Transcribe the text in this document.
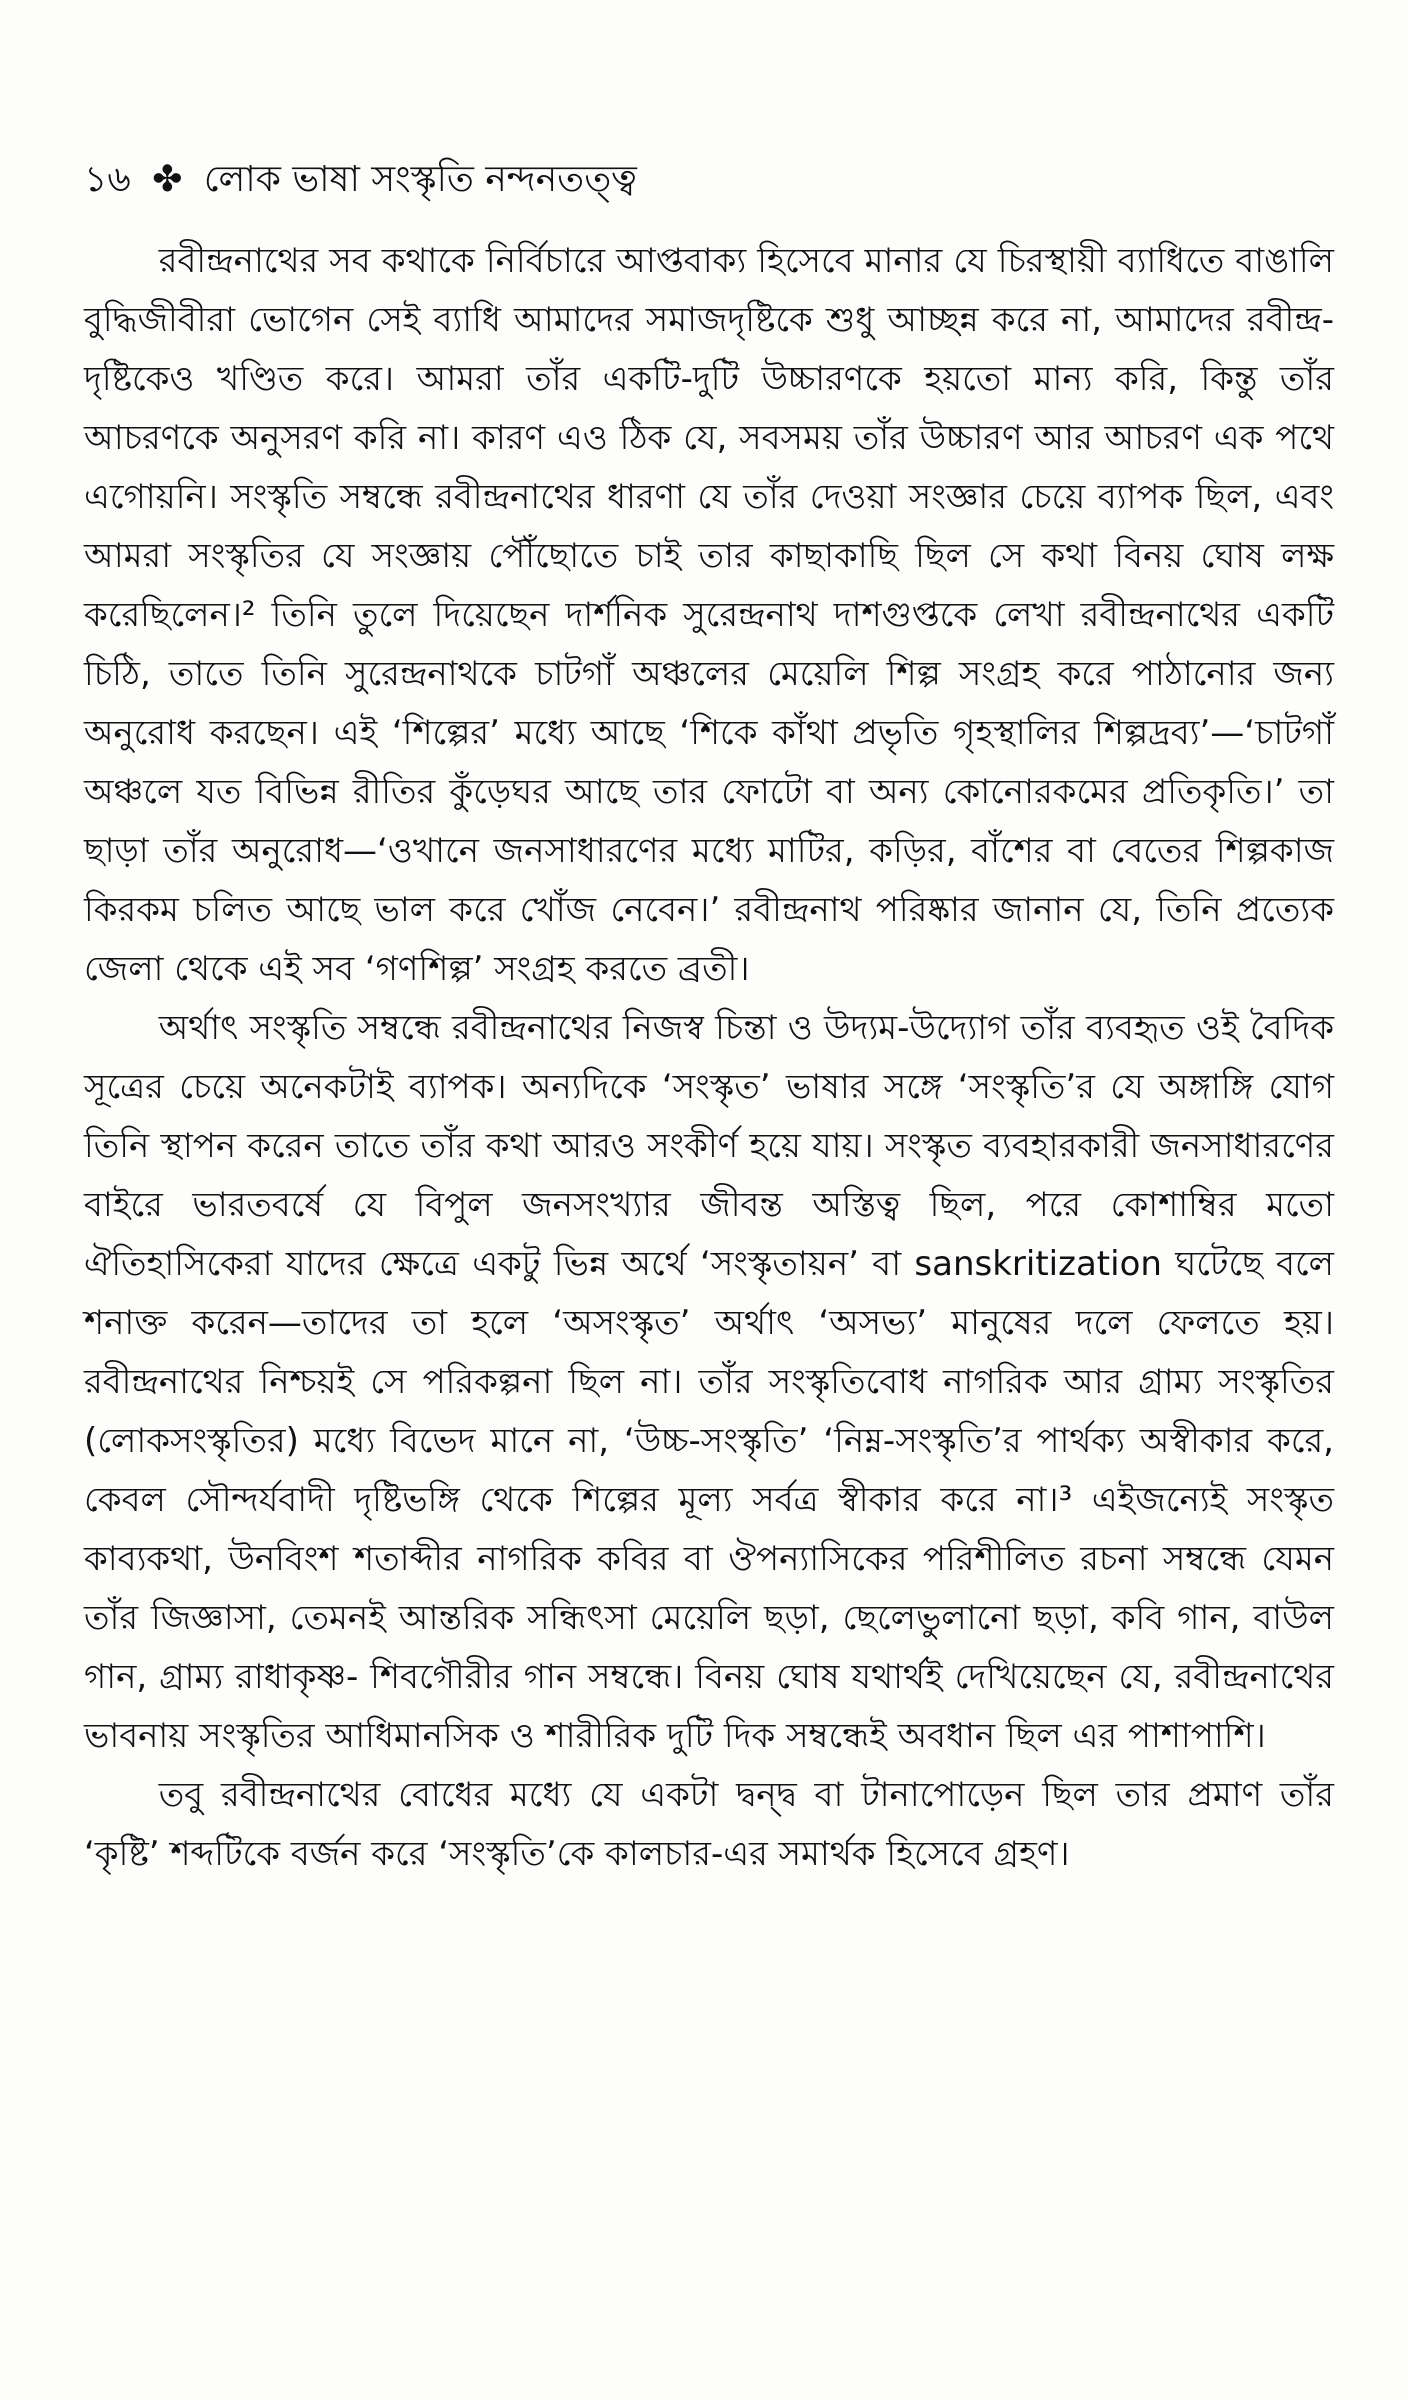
১৬ ✤ লোক ভাষা সংস্কৃতি নন্দনতত্ত্ব

রবীন্দ্রনাথের সব কথাকে নির্বিচারে আপ্তবাক্য হিসেবে মানার যে চিরস্থায়ী ব্যাধিতে বাঙালি বুদ্ধিজীবীরা ভোগেন সেই ব্যাধি আমাদের সমাজদৃষ্টিকে শুধু আচ্ছন্ন করে না, আমাদের রবীন্দ্র-দৃষ্টিকেও খণ্ডিত করে। আমরা তাঁর একটি-দুটি উচ্চারণকে হয়তো মান্য করি, কিন্তু তাঁর আচরণকে অনুসরণ করি না। কারণ এও ঠিক যে, সবসময় তাঁর উচ্চারণ আর আচরণ এক পথে এগোয়নি। সংস্কৃতি সম্বন্ধে রবীন্দ্রনাথের ধারণা যে তাঁর দেওয়া সংজ্ঞার চেয়ে ব্যাপক ছিল, এবং আমরা সংস্কৃতির যে সংজ্ঞায় পৌঁছোতে চাই তার কাছাকাছি ছিল সে কথা বিনয় ঘোষ লক্ষ করেছিলেন।² তিনি তুলে দিয়েছেন দার্শনিক সুরেন্দ্রনাথ দাশগুপ্তকে লেখা রবীন্দ্রনাথের একটি চিঠি, তাতে তিনি সুরেন্দ্রনাথকে চাটগাঁ অঞ্চলের মেয়েলি শিল্প সংগ্রহ করে পাঠানোর জন্য অনুরোধ করছেন। এই ‘শিল্পের’ মধ্যে আছে ‘শিকে কাঁথা প্রভৃতি গৃহস্থালির শিল্পদ্রব্য’—‘চাটগাঁ অঞ্চলে যত বিভিন্ন রীতির কুঁড়েঘর আছে তার ফোটো বা অন্য কোনোরকমের প্রতিকৃতি।’ তা ছাড়া তাঁর অনুরোধ—‘ওখানে জনসাধারণের মধ্যে মাটির, কড়ির, বাঁশের বা বেতের শিল্পকাজ কিরকম চলিত আছে ভাল করে খোঁজ নেবেন।’ রবীন্দ্রনাথ পরিষ্কার জানান যে, তিনি প্রত্যেক জেলা থেকে এই সব ‘গণশিল্প’ সংগ্রহ করতে ব্রতী।

অর্থাৎ সংস্কৃতি সম্বন্ধে রবীন্দ্রনাথের নিজস্ব চিন্তা ও উদ্যম-উদ্যোগ তাঁর ব্যবহৃত ওই বৈদিক সূত্রের চেয়ে অনেকটাই ব্যাপক। অন্যদিকে ‘সংস্কৃত’ ভাষার সঙ্গে ‘সংস্কৃতি’র যে অঙ্গাঙ্গি যোগ তিনি স্থাপন করেন তাতে তাঁর কথা আরও সংকীর্ণ হয়ে যায়। সংস্কৃত ব্যবহারকারী জনসাধারণের বাইরে ভারতবর্ষে যে বিপুল জনসংখ্যার জীবন্ত অস্তিত্ব ছিল, পরে কোশাম্বির মতো ঐতিহাসিকেরা যাদের ক্ষেত্রে একটু ভিন্ন অর্থে ‘সংস্কৃতায়ন’ বা sanskritization ঘটেছে বলে শনাক্ত করেন—তাদের তা হলে ‘অসংস্কৃত’ অর্থাৎ ‘অসভ্য’ মানুষের দলে ফেলতে হয়। রবীন্দ্রনাথের নিশ্চয়ই সে পরিকল্পনা ছিল না। তাঁর সংস্কৃতিবোধ নাগরিক আর গ্রাম্য সংস্কৃতির (লোকসংস্কৃতির) মধ্যে বিভেদ মানে না, ‘উচ্চ-সংস্কৃতি’ ‘নিম্ন-সংস্কৃতি’র পার্থক্য অস্বীকার করে, কেবল সৌন্দর্যবাদী দৃষ্টিভঙ্গি থেকে শিল্পের মূল্য সর্বত্র স্বীকার করে না।³ এইজন্যেই সংস্কৃত কাব্যকথা, উনবিংশ শতাব্দীর নাগরিক কবির বা ঔপন্যাসিকের পরিশীলিত রচনা সম্বন্ধে যেমন তাঁর জিজ্ঞাসা, তেমনই আন্তরিক সন্ধিৎসা মেয়েলি ছড়া, ছেলেভুলানো ছড়া, কবি গান, বাউল গান, গ্রাম্য রাধাকৃষ্ণ- শিবগৌরীর গান সম্বন্ধে। বিনয় ঘোষ যথার্থই দেখিয়েছেন যে, রবীন্দ্রনাথের ভাবনায় সংস্কৃতির আধিমানসিক ও শারীরিক দুটি দিক সম্বন্ধেই অবধান ছিল এর পাশাপাশি।

তবু রবীন্দ্রনাথের বোধের মধ্যে যে একটা দ্বন্দ্ব বা টানাপোড়েন ছিল তার প্রমাণ তাঁর ‘কৃষ্টি’ শব্দটিকে বর্জন করে ‘সংস্কৃতি’কে কালচার-এর সমার্থক হিসেবে গ্রহণ।
